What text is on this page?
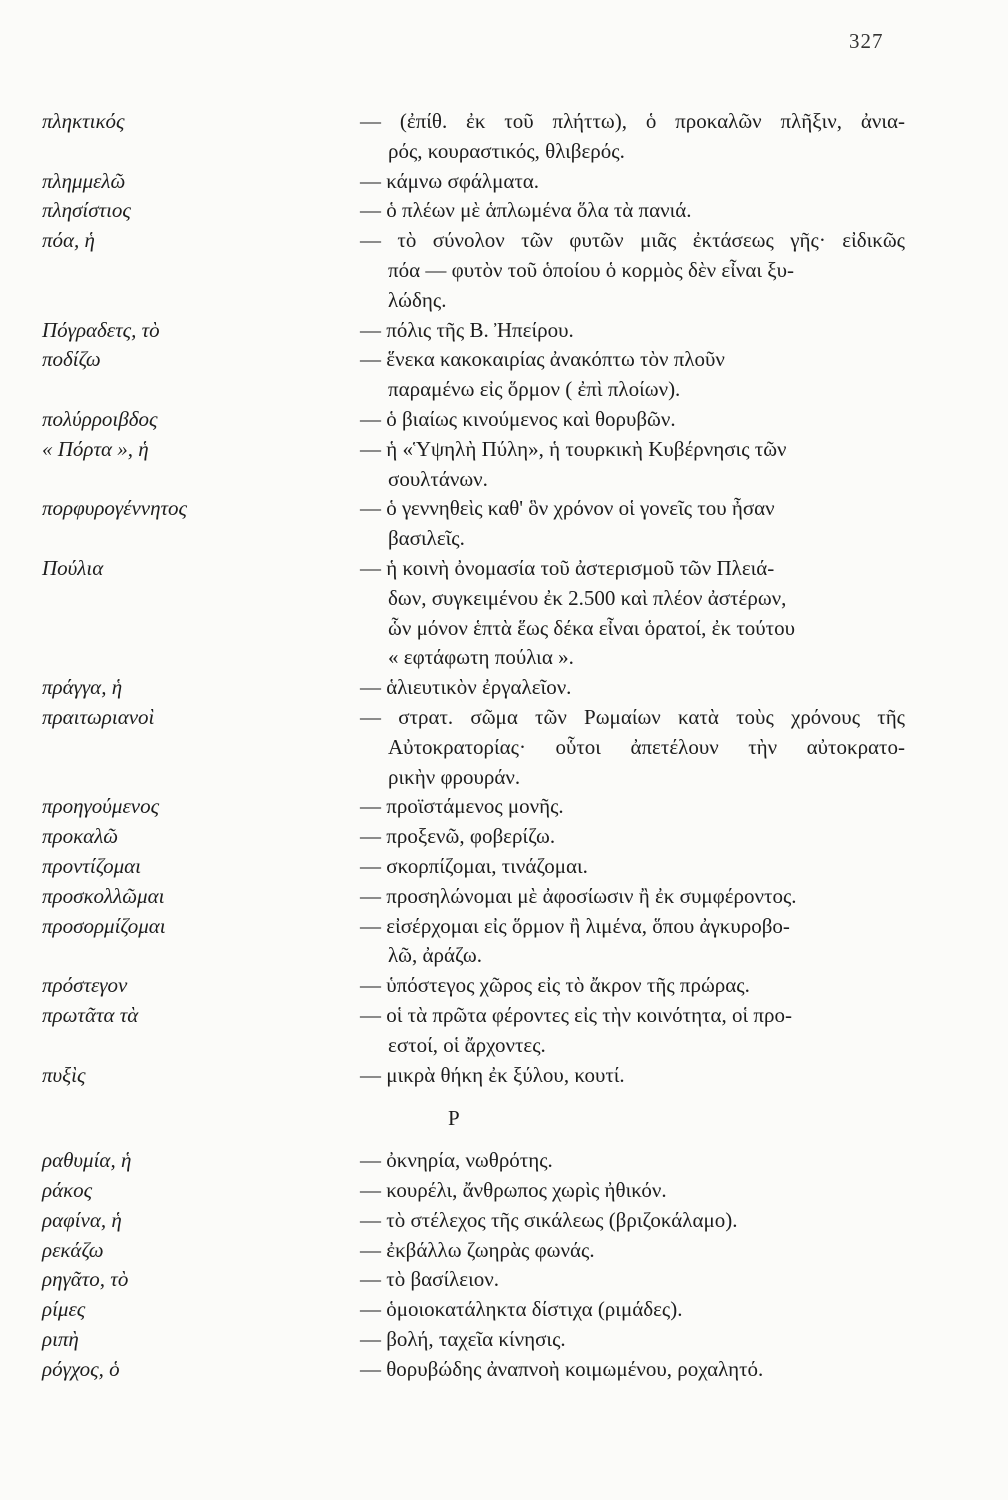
327
πληκτικός	— (ἐπίθ. ἐκ τοῦ πλήττω), ὁ προκαλῶν πλῆξιν, ἀνια-
ρός, κουραστικός, θλιβερός.
πλημμελῶ	— κάμνω σφάλματα.
πλησίστιος	— ὁ πλέων μὲ ἁπλωμένα ὅλα τὰ πανιά.
πόα, ἡ	— τὸ σύνολον τῶν φυτῶν μιᾶς ἐκτάσεως γῆς· εἰδικῶς
πόα — φυτὸν τοῦ ὁποίου ὁ κορμὸς δὲν εἶναι ξυ-
λώδης.
Πόγραδετς, τὸ	— πόλις τῆς Β. Ἠπείρου.
ποδίζω	— ἕνεκα κακοκαιρίας ἀνακόπτω τὸν πλοῦν
παραμένω εἰς ὅρμον ( ἐπὶ πλοίων).
πολύρροιβδος	— ὁ βιαίως κινούμενος καὶ θορυβῶν.
« Πόρτα », ἡ	— ἡ «Ὑψηλὴ Πύλη», ἡ τουρκικὴ Κυβέρνησις τῶν
σουλτάνων.
πορφυρογέννητος	— ὁ γεννηθεὶς καθ' ὃν χρόνον οἱ γονεῖς του ἦσαν
βασιλεῖς.
Πούλια	— ἡ κοινὴ ὀνομασία τοῦ ἀστερισμοῦ τῶν Πλειά-
δων, συγκειμένου ἐκ 2.500 καὶ πλέον ἀστέρων,
ὧν μόνον ἑπτὰ ἕως δέκα εἶναι ὁρατοί, ἐκ τούτου
« εφτάφωτη πούλια ».
πράγγα, ἡ	— ἁλιευτικὸν ἐργαλεῖον.
πραιτωριανοὶ	— στρατ. σῶμα τῶν Ρωμαίων κατὰ τοὺς χρόνους τῆς
Αὐτοκρατορίας· οὗτοι ἀπετέλουν τὴν αὐτοκρατο-
ρικὴν φρουράν.
προηγούμενος	— προϊστάμενος μονῆς.
προκαλῶ	— προξενῶ, φοβερίζω.
προντίζομαι	— σκορπίζομαι, τινάζομαι.
προσκολλῶμαι	— προσηλώνομαι μὲ ἀφοσίωσιν ἢ ἐκ συμφέροντος.
προσορμίζομαι	— εἰσέρχομαι εἰς ὅρμον ἢ λιμένα, ὅπου ἀγκυροβο-
λῶ, ἀράζω.
πρόστεγον	— ὑπόστεγος χῶρος εἰς τὸ ἄκρον τῆς πρώρας.
πρωτᾶτα τὰ	— οἱ τὰ πρῶτα φέροντες εἰς τὴν κοινότητα, οἱ προ-
εστοί, οἱ ἄρχοντες.
πυξὶς	— μικρὰ θήκη ἐκ ξύλου, κουτί.
Ρ
ραθυμία, ἡ	— ὀκνηρία, νωθρότης.
ράκος	— κουρέλι, ἄνθρωπος χωρὶς ἠθικόν.
ραφίνα, ἡ	— τὸ στέλεχος τῆς σικάλεως (βριζοκάλαμο).
ρεκάζω	— ἐκβάλλω ζωηρὰς φωνάς.
ρηγᾶτο, τὸ	— τὸ βασίλειον.
ρίμες	— ὁμοιοκατάληκτα δίστιχα (ριμάδες).
ριπὴ	— βολή, ταχεῖα κίνησις.
ρόγχος, ὁ	— θορυβώδης ἀναπνοὴ κοιμωμένου, ροχαλητό.
